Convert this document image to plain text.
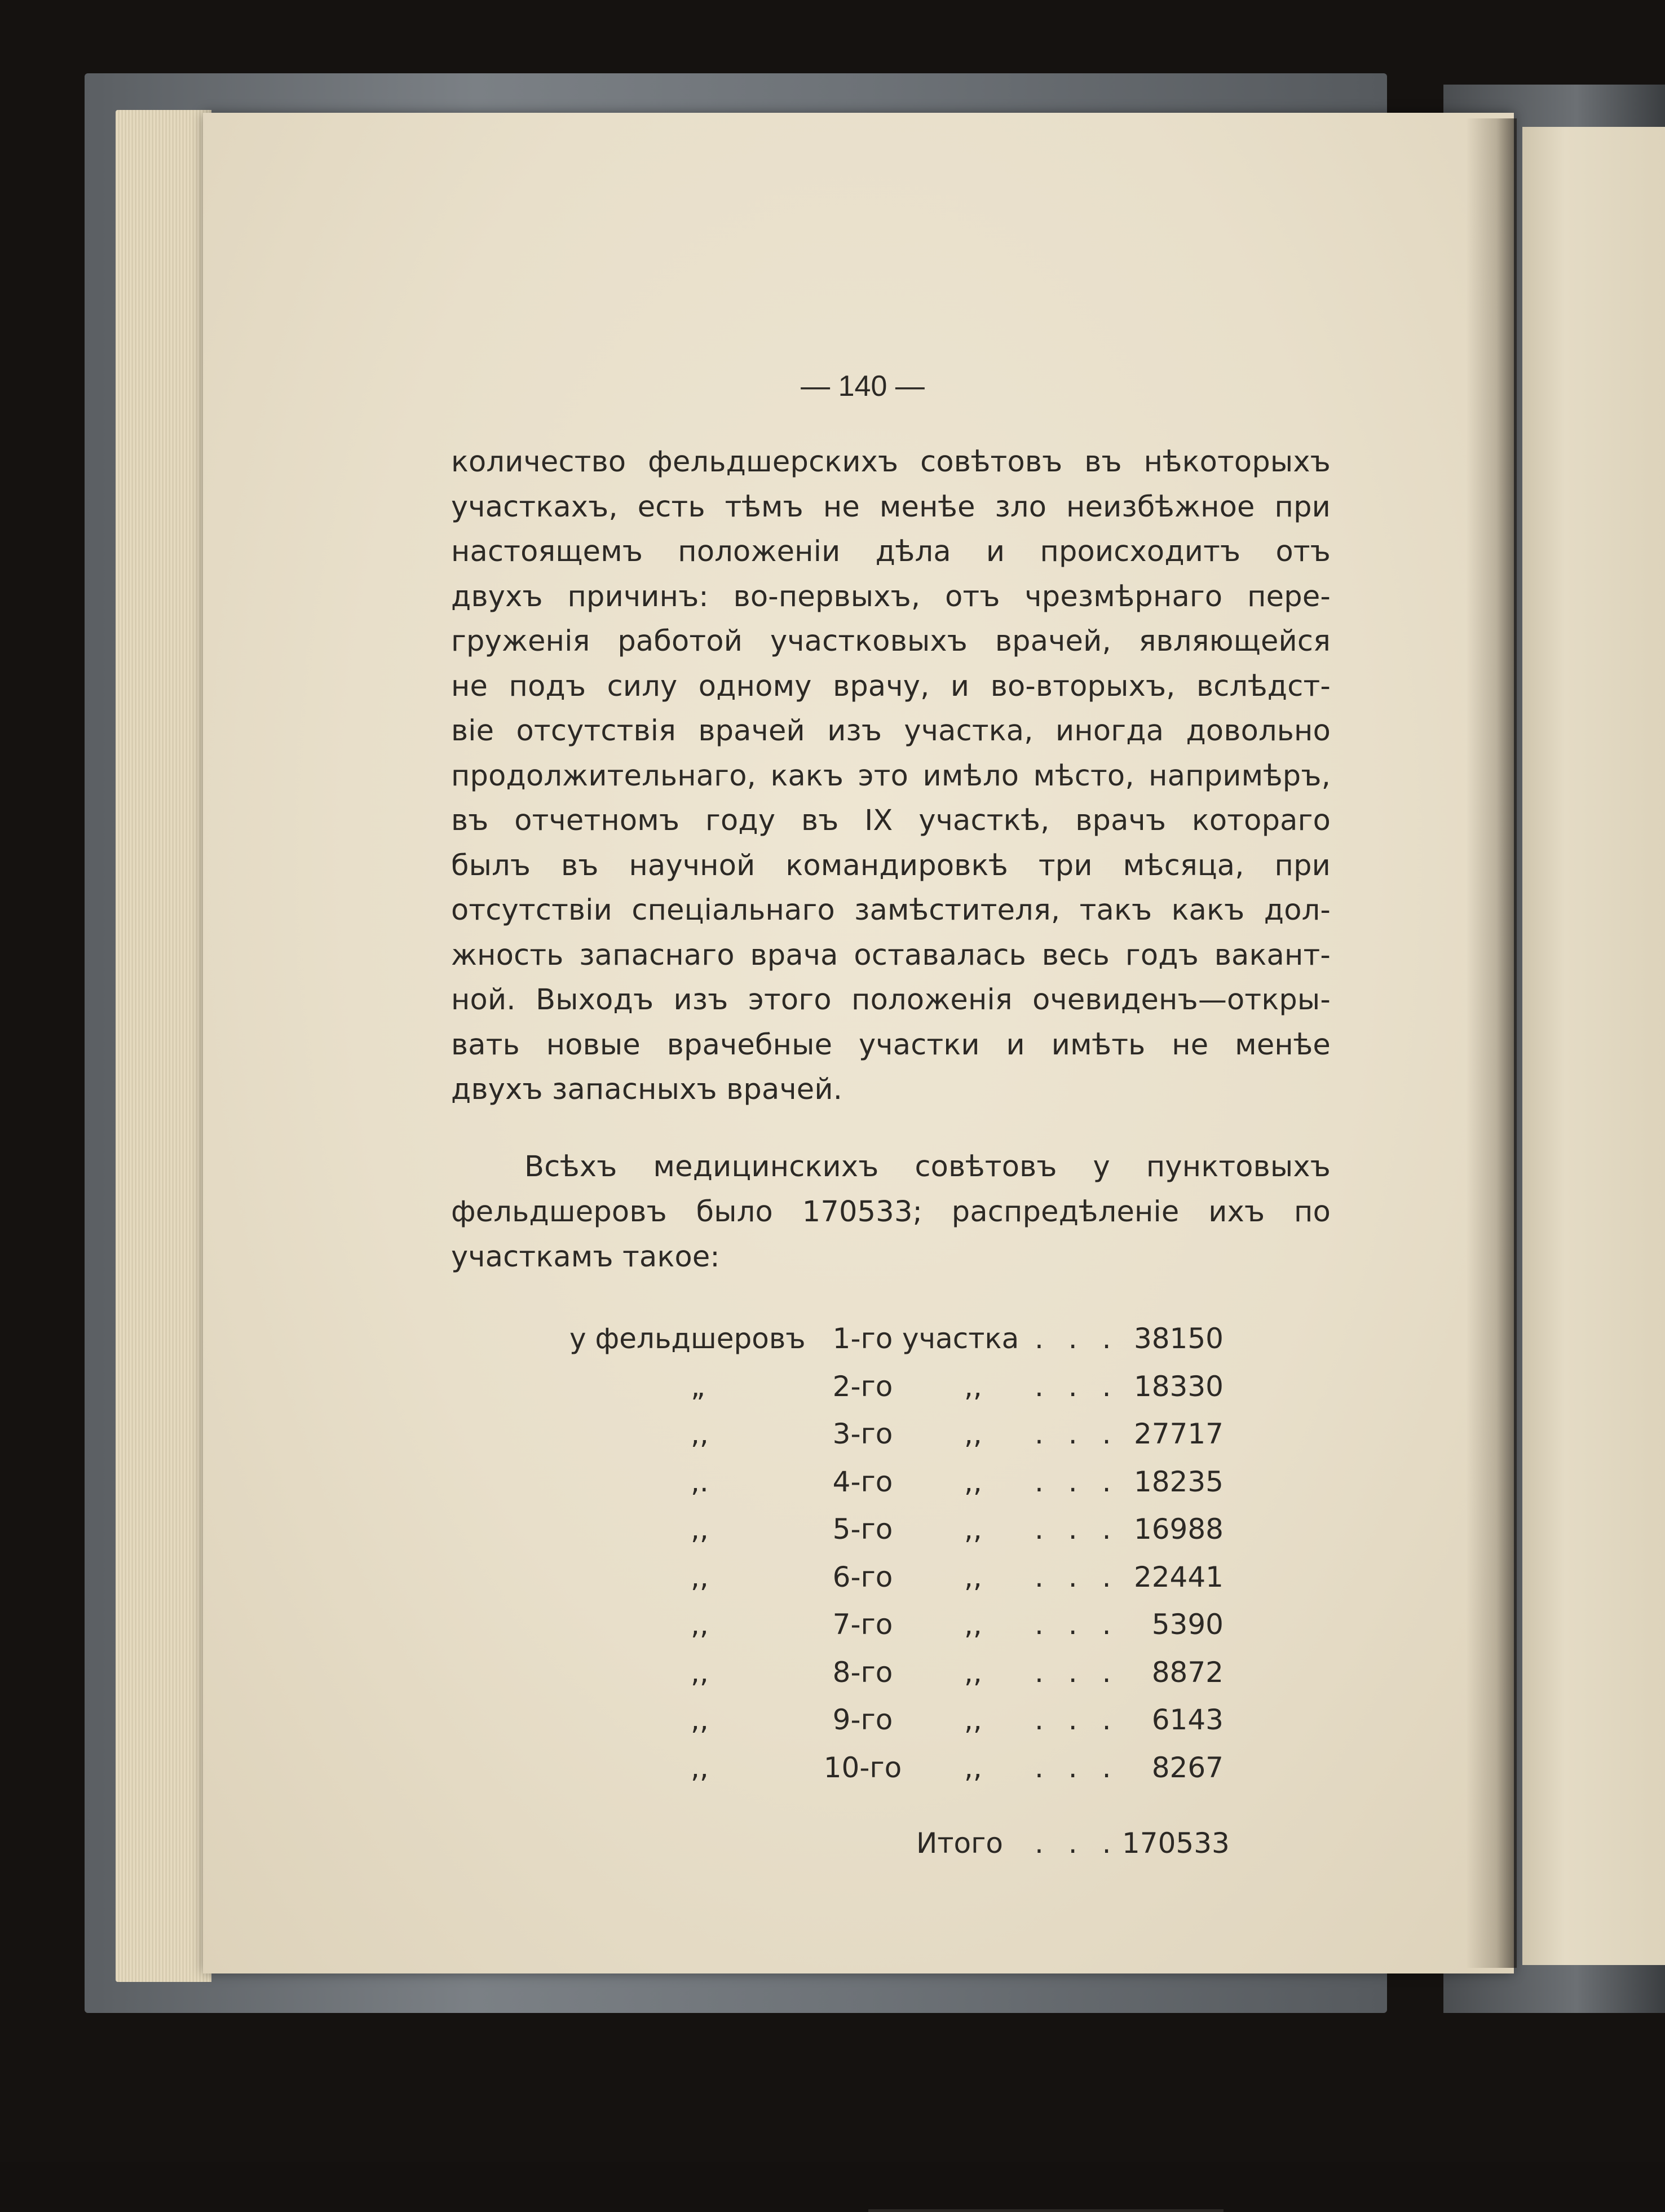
— 140 —
количество фельдшерскихъ совѣтовъ въ нѣкоторыхъ
участкахъ, есть тѣмъ не менѣе зло неизбѣжное при
настоящемъ положеніи дѣла и происходитъ отъ
двухъ причинъ: во-первыхъ, отъ чрезмѣрнаго пере-
груженія работой участковыхъ врачей, являющейся
не подъ силу одному врачу, и во-вторыхъ, вслѣдст-
віе отсутствія врачей изъ участка, иногда довольно
продолжительнаго, какъ это имѣло мѣсто, напримѣръ,
въ отчетномъ году въ IX участкѣ, врачъ котораго
былъ въ научной командировкѣ три мѣсяца, при
отсутствіи спеціальнаго замѣстителя, такъ какъ дол-
жность запаснаго врача оставалась весь годъ вакант-
ной. Выходъ изъ этого положенія очевиденъ—откры-
вать новые врачебные участки и имѣть не менѣе
двухъ запасныхъ врачей.
Всѣхъ медицинскихъ совѣтовъ у пунктовыхъ
фельдшеровъ было 170533; распредѣленіе ихъ по
участкамъ такое:
у фельдшеровъ 1-го участка . . . 38150
„	2-го	,, . . . 18330
,,	3-го	,, . . . 27717
,.	4-го	,, . . . 18235
,,	5-го	,, . . . 16988
,,	6-го	,, . . . 22441
,,	7-го	,, . . .	5390
,,	8-го	,, . . .	8872
,,	9-го	,, . . .	6143
,,	10-го ,, . . .	8267
Итого . . . 170533
